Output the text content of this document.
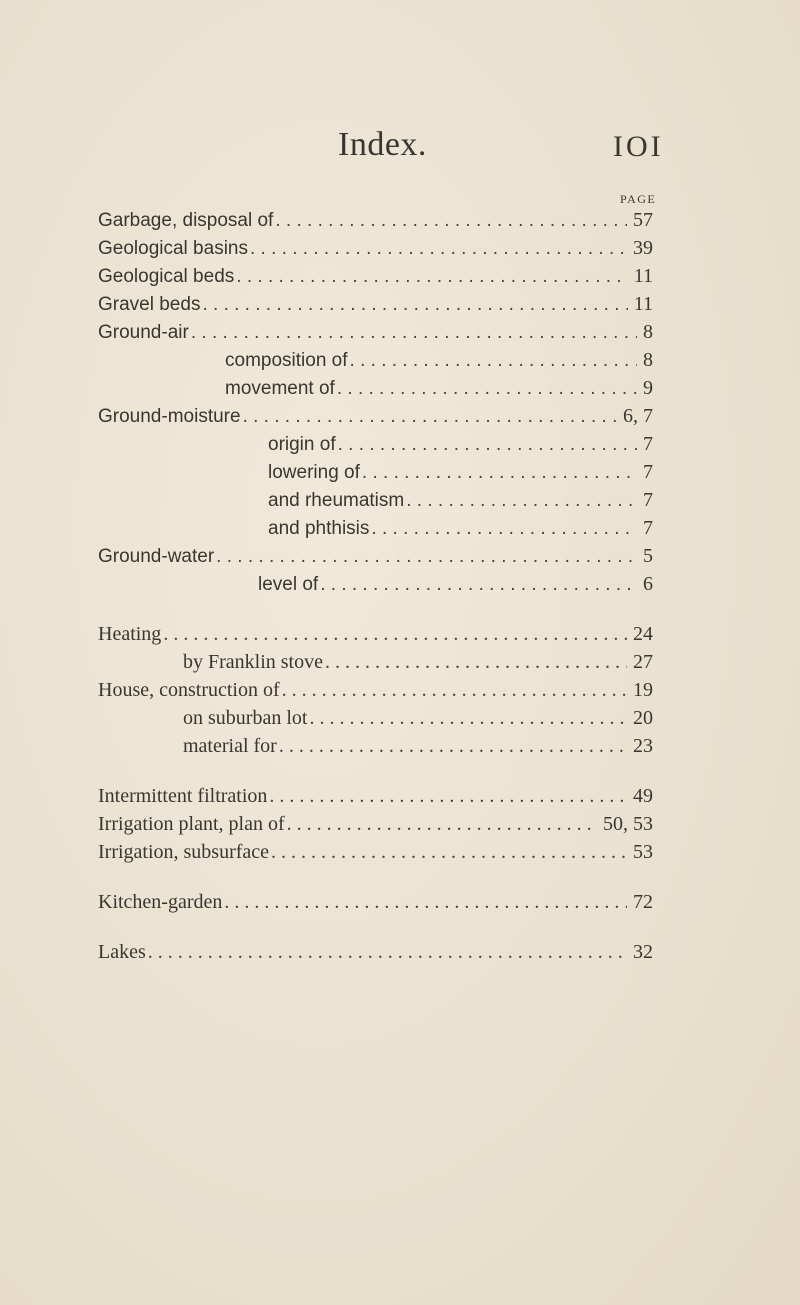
Index.	IOI
PAGE
Garbage, disposal of . . .	57
Geological basins . . .	39
Geological beds . . .	11
Gravel beds . . .	11
Ground-air . . .	8
composition of . . .	8
movement of . . .	9
Ground-moisture . . .	6, 7
origin of . . .	7
lowering of . . .	7
and rheumatism . . .	7
and phthisis . . .	7
Ground-water . . .	5
level of . . .	6
Heating . . .	24
by Franklin stove . . .	27
House, construction of . . .	19
on suburban lot . . .	20
material for . . .	23
Intermittent filtration . . .	49
Irrigation plant, plan of . . .	50, 53
Irrigation, subsurface . . .	53
Kitchen-garden . . .	72
Lakes . . .	32
